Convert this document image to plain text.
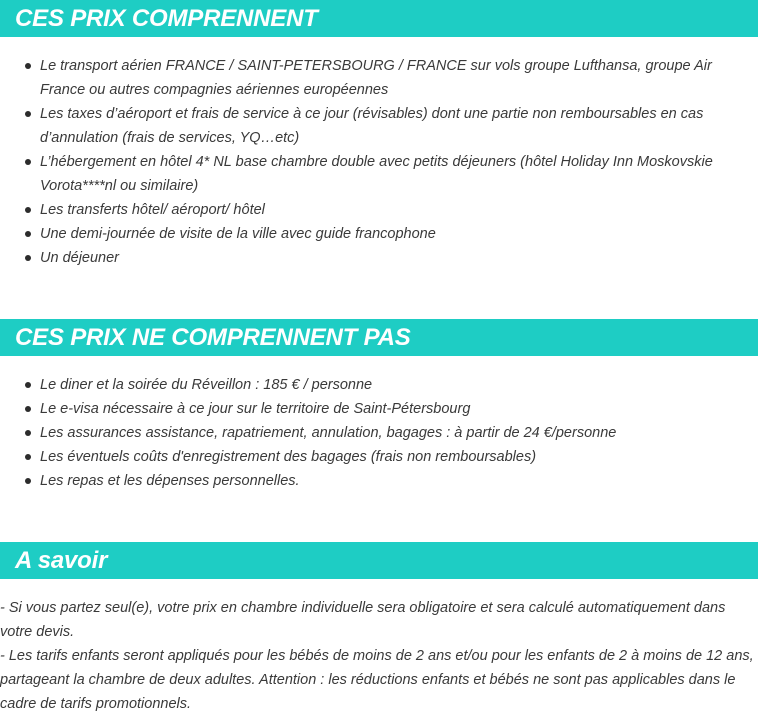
CES PRIX COMPRENNENT
Le transport aérien FRANCE / SAINT-PETERSBOURG / FRANCE sur vols groupe Lufthansa, groupe Air France ou autres compagnies aériennes européennes
Les taxes d’aéroport et frais de service à ce jour (révisables) dont une partie non remboursables en cas d’annulation (frais de services, YQ…etc)
L’hébergement en hôtel 4* NL base chambre double avec petits déjeuners (hôtel Holiday Inn Moskovskie Vorota****nl ou similaire)
Les transferts hôtel/ aéroport/ hôtel
Une demi-journée de visite de la ville avec guide francophone
Un déjeuner
CES PRIX NE COMPRENNENT PAS
Le diner et la soirée du Réveillon : 185 € / personne
Le e-visa nécessaire à ce jour sur le territoire de Saint-Pétersbourg
Les assurances assistance, rapatriement, annulation, bagages : à partir de 24 €/personne
Les éventuels coûts d'enregistrement des bagages (frais non remboursables)
Les repas et les dépenses personnelles.
A savoir

- Si vous partez seul(e), votre prix en chambre individuelle sera obligatoire et sera calculé automatiquement dans votre devis.

- Les tarifs enfants seront appliqués pour les bébés de moins de 2 ans et/ou pour les enfants de 2 à moins de 12 ans, partageant la chambre de deux adultes. Attention : les réductions enfants et bébés ne sont pas applicables dans le cadre de tarifs promotionnels.
